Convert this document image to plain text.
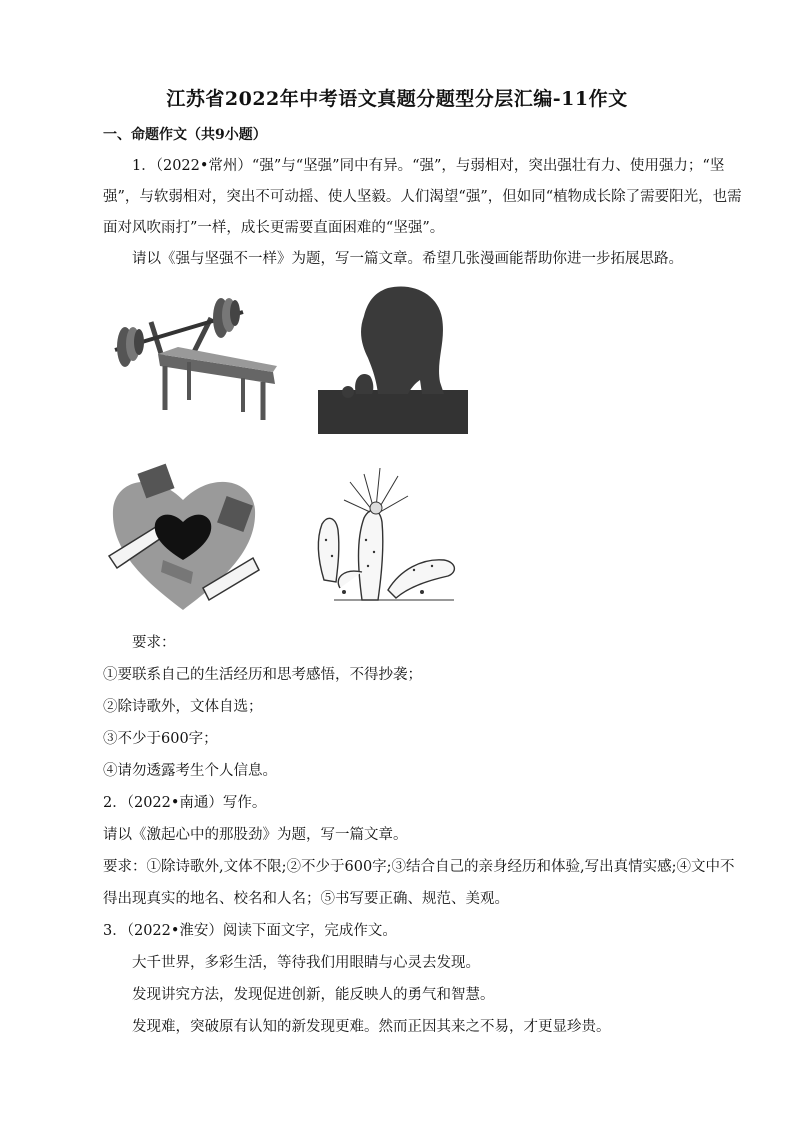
江苏省2022年中考语文真题分题型分层汇编-11作文
一、命题作文（共9小题）
1．（2022•常州）“强”与“坚强”同中有异。“强”，与弱相对，突出强壮有力、使用强力；“坚
强”，与软弱相对，突出不可动摇、使人坚毅。人们渴望“强”，但如同“植物成长除了需要阳光，也需
面对风吹雨打”一样，成长更需要直面困难的“坚强”。
请以《强与坚强不一样》为题，写一篇文章。希望几张漫画能帮助你进一步拓展思路。
要求：
①要联系自己的生活经历和思考感悟，不得抄袭；
②除诗歌外，文体自选；
③不少于600字；
④请勿透露考生个人信息。
2．（2022•南通）写作。
请以《激起心中的那股劲》为题，写一篇文章。
要求：①除诗歌外,文体不限;②不少于600字;③结合自己的亲身经历和体验,写出真情实感;④文中不
得出现真实的地名、校名和人名；⑤书写要正确、规范、美观。
3．（2022•淮安）阅读下面文字，完成作文。
大千世界，多彩生活，等待我们用眼睛与心灵去发现。
发现讲究方法，发现促进创新，能反映人的勇气和智慧。
发现难，突破原有认知的新发现更难。然而正因其来之不易，才更显珍贵。
